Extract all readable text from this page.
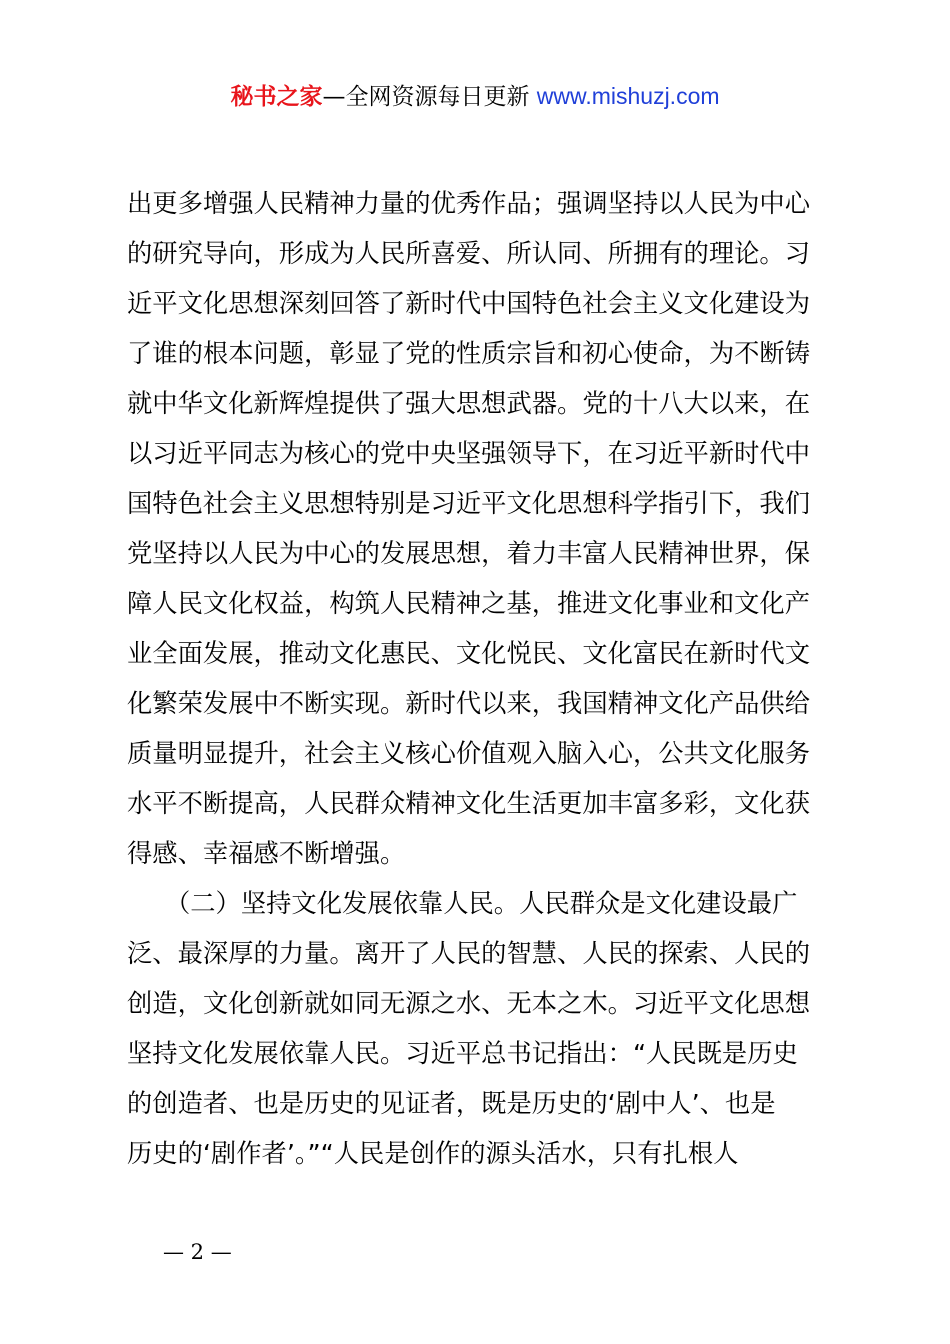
秘书之家—全网资源每日更新 www.mishuzj.com
出更多增强人民精神力量的优秀作品；强调坚持以人民为中心
的研究导向，形成为人民所喜爱、所认同、所拥有的理论。习
近平文化思想深刻回答了新时代中国特色社会主义文化建设为
了谁的根本问题，彰显了党的性质宗旨和初心使命，为不断铸
就中华文化新辉煌提供了强大思想武器。党的十八大以来，在
以习近平同志为核心的党中央坚强领导下，在习近平新时代中
国特色社会主义思想特别是习近平文化思想科学指引下，我们
党坚持以人民为中心的发展思想，着力丰富人民精神世界，保
障人民文化权益，构筑人民精神之基，推进文化事业和文化产
业全面发展，推动文化惠民、文化悦民、文化富民在新时代文
化繁荣发展中不断实现。新时代以来，我国精神文化产品供给
质量明显提升，社会主义核心价值观入脑入心，公共文化服务
水平不断提高，人民群众精神文化生活更加丰富多彩，文化获
得感、幸福感不断增强。
　　（二）坚持文化发展依靠人民。人民群众是文化建设最广
泛、最深厚的力量。离开了人民的智慧、人民的探索、人民的
创造，文化创新就如同无源之水、无本之木。习近平文化思想
坚持文化发展依靠人民。习近平总书记指出：“人民既是历史
的创造者、也是历史的见证者，既是历史的‘剧中人’、也是
历史的‘剧作者’。”“人民是创作的源头活水，只有扎根人
— 2 —
